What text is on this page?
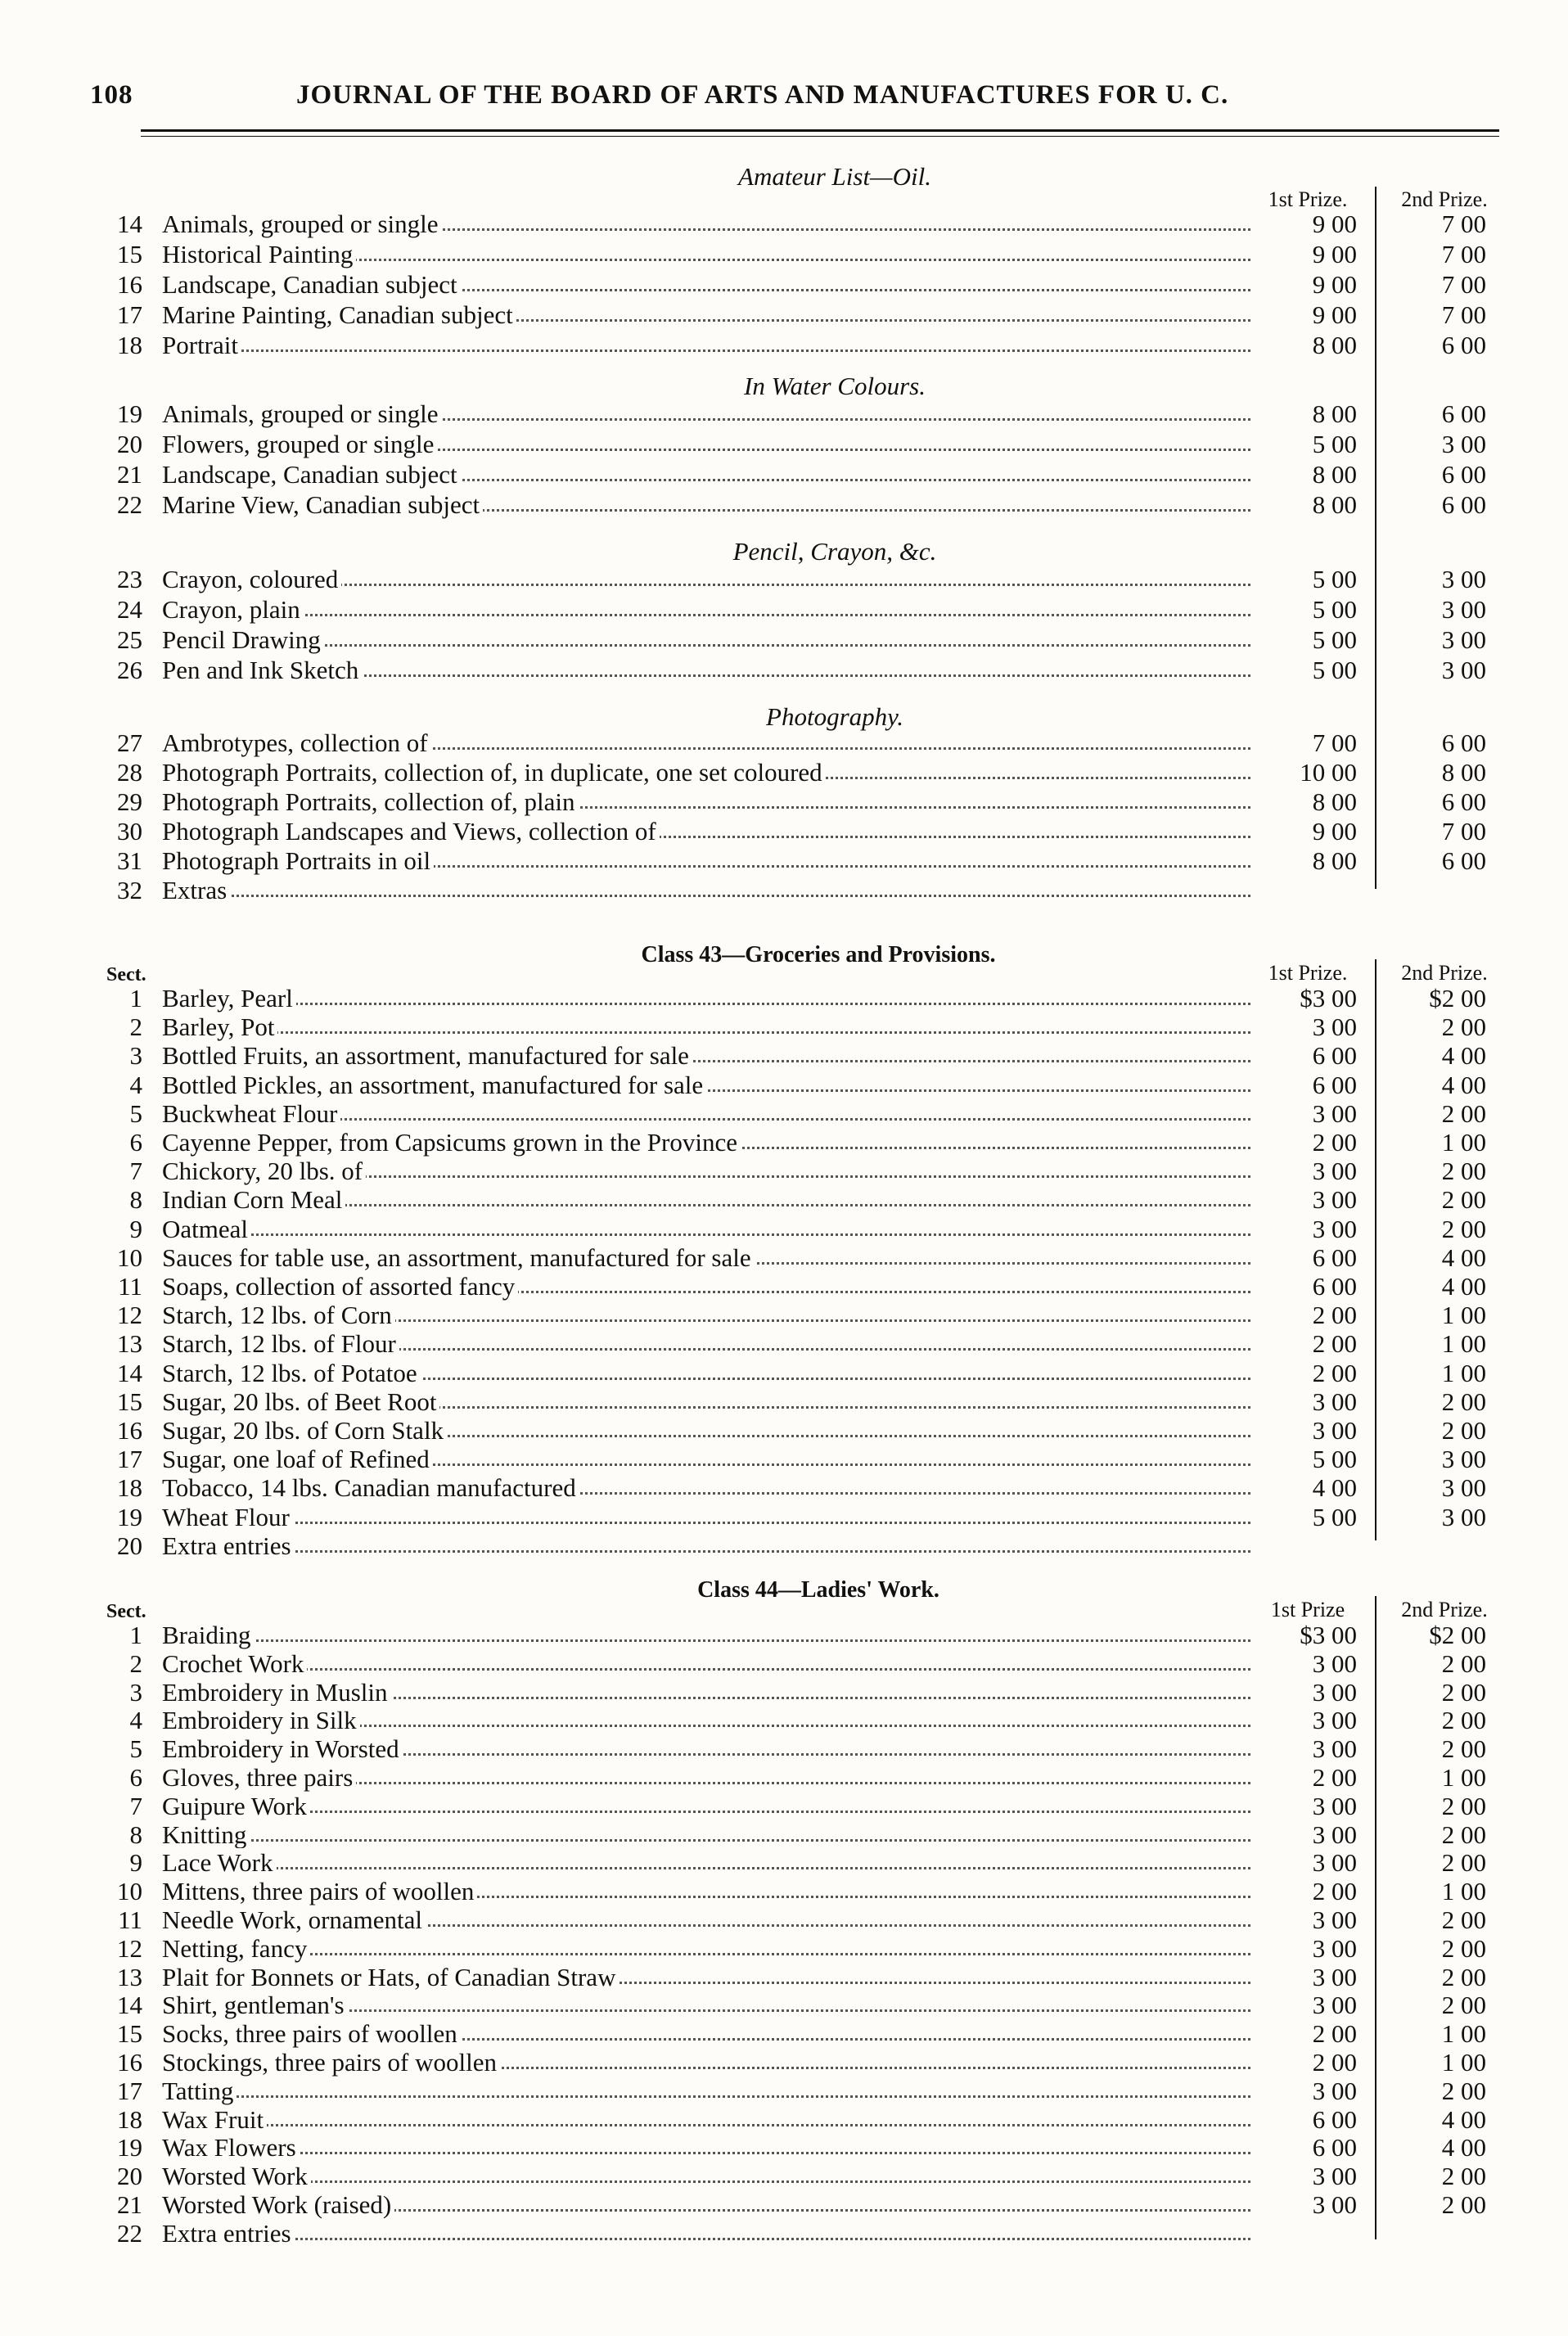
108	JOURNAL OF THE BOARD OF ARTS AND MANUFACTURES FOR U. C.
Amateur List—Oil.
1st Prize.	2nd Prize.
14 Animals, grouped or single	9 00	7 00
15 Historical Painting	9 00	7 00
16 Landscape, Canadian subject	9 00	7 00
17 Marine Painting, Canadian subject	9 00	7 00
18 Portrait	8 00	6 00
In Water Colours.
19 Animals, grouped or single	8 00	6 00
20 Flowers, grouped or single	5 00	3 00
21 Landscape, Canadian subject	8 00	6 00
22 Marine View, Canadian subject	8 00	6 00
Pencil, Crayon, &c.
23 Crayon, coloured	5 00	3 00
24 Crayon, plain	5 00	3 00
25 Pencil Drawing	5 00	3 00
26 Pen and Ink Sketch	5 00	3 00
Photography.
27 Ambrotypes, collection of	7 00	6 00
28 Photograph Portraits, collection of, in duplicate, one set coloured	10 00	8 00
29 Photograph Portraits, collection of, plain	8 00	6 00
30 Photograph Landscapes and Views, collection of	9 00	7 00
31 Photograph Portraits in oil	8 00	6 00
32 Extras
Class 43—Groceries and Provisions.
Sect.	1st Prize.	2nd Prize.
1 Barley, Pearl	$3 00	$2 00
2 Barley, Pot	3 00	2 00
3 Bottled Fruits, an assortment, manufactured for sale	6 00	4 00
4 Bottled Pickles, an assortment, manufactured for sale	6 00	4 00
5 Buckwheat Flour	3 00	2 00
6 Cayenne Pepper, from Capsicums grown in the Province	2 00	1 00
7 Chickory, 20 lbs. of	3 00	2 00
8 Indian Corn Meal	3 00	2 00
9 Oatmeal	3 00	2 00
10 Sauces for table use, an assortment, manufactured for sale	6 00	4 00
11 Soaps, collection of assorted fancy	6 00	4 00
12 Starch, 12 lbs. of Corn	2 00	1 00
13 Starch, 12 lbs. of Flour	2 00	1 00
14 Starch, 12 lbs. of Potatoe	2 00	1 00
15 Sugar, 20 lbs. of Beet Root	3 00	2 00
16 Sugar, 20 lbs. of Corn Stalk	3 00	2 00
17 Sugar, one loaf of Refined	5 00	3 00
18 Tobacco, 14 lbs. Canadian manufactured	4 00	3 00
19 Wheat Flour	5 00	3 00
20 Extra entries
Class 44—Ladies' Work.
Sect.	1st Prize	2nd Prize.
1 Braiding	$3 00	$2 00
2 Crochet Work	3 00	2 00
3 Embroidery in Muslin	3 00	2 00
4 Embroidery in Silk	3 00	2 00
5 Embroidery in Worsted	3 00	2 00
6 Gloves, three pairs	2 00	1 00
7 Guipure Work	3 00	2 00
8 Knitting	3 00	2 00
9 Lace Work	3 00	2 00
10 Mittens, three pairs of woollen	2 00	1 00
11 Needle Work, ornamental	3 00	2 00
12 Netting, fancy	3 00	2 00
13 Plait for Bonnets or Hats, of Canadian Straw	3 00	2 00
14 Shirt, gentleman's	3 00	2 00
15 Socks, three pairs of woollen	2 00	1 00
16 Stockings, three pairs of woollen	2 00	1 00
17 Tatting	3 00	2 00
18 Wax Fruit	6 00	4 00
19 Wax Flowers	6 00	4 00
20 Worsted Work	3 00	2 00
21 Worsted Work (raised)	3 00	2 00
22 Extra entries
